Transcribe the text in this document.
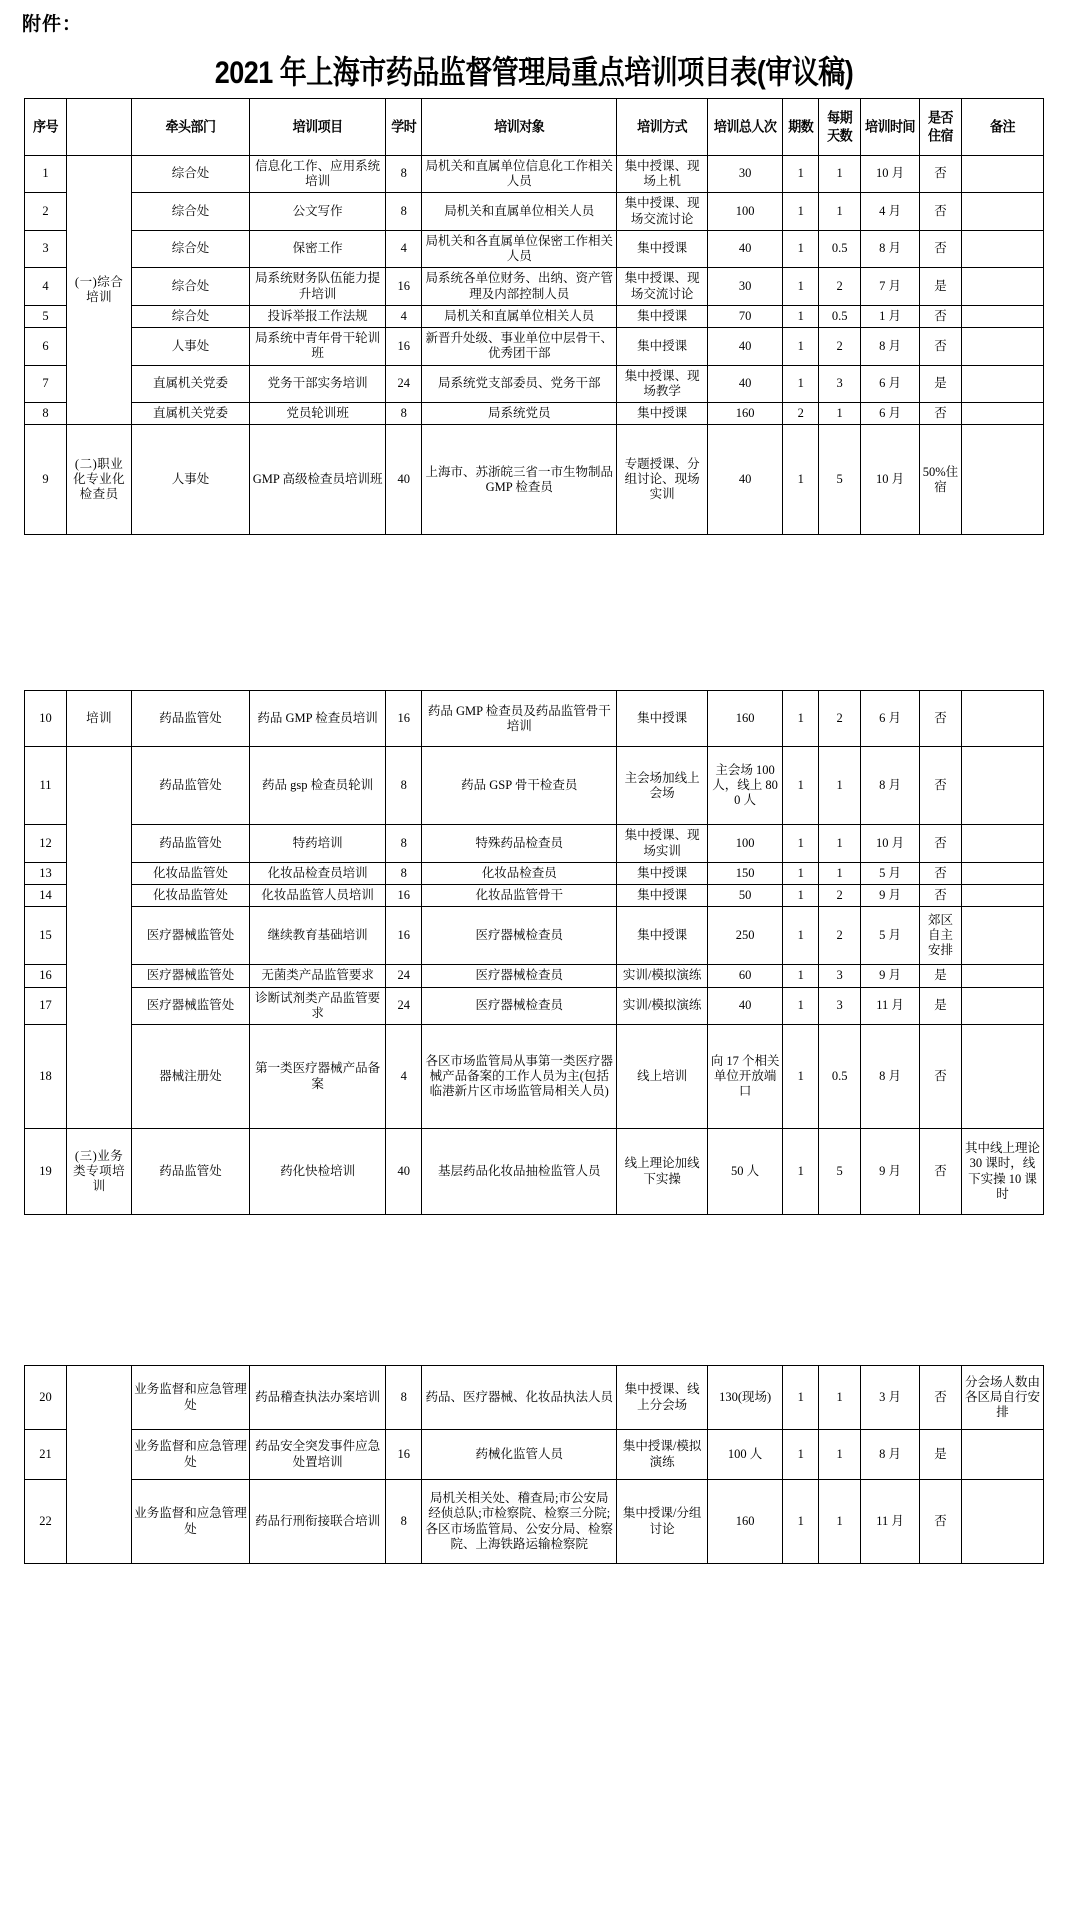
附件：
2021 年上海市药品监督管理局重点培训项目表(审议稿)
序号		牵头部门	培训项目	学时	培训对象	培训方式	培训总人次	期数	每期天数	培训时间	是否住宿	备注
1	(一)综合培训	综合处	信息化工作、应用系统培训	8	局机关和直属单位信息化工作相关人员	集中授课、现场上机	30	1	1	10 月	否	
2		综合处	公文写作	8	局机关和直属单位相关人员	集中授课、现场交流讨论	100	1	1	4 月	否	
3		综合处	保密工作	4	局机关和各直属单位保密工作相关人员	集中授课	40	1	0.5	8 月	否	
4		综合处	局系统财务队伍能力提升培训	16	局系统各单位财务、出纳、资产管理及内部控制人员	集中授课、现场交流讨论	30	1	2	7 月	是	
5		综合处	投诉举报工作法规	4	局机关和直属单位相关人员	集中授课	70	1	0.5	1 月	否	
6		人事处	局系统中青年骨干轮训班	16	新晋升处级、事业单位中层骨干、优秀团干部	集中授课	40	1	2	8 月	否	
7		直属机关党委	党务干部实务培训	24	局系统党支部委员、党务干部	集中授课、现场教学	40	1	3	6 月	是	
8		直属机关党委	党员轮训班	8	局系统党员	集中授课	160	2	1	6 月	否	
9	(二)职业化专业化检查员	人事处	GMP 高级检查员培训班	40	上海市、苏浙皖三省一市生物制品 GMP 检查员	专题授课、分组讨论、现场实训	40	1	5	10 月	50%住宿	
10	培训	药品监管处	药品 GMP 检查员培训	16	药品 GMP 检查员及药品监管骨干培训	集中授课	160	1	2	6 月	否	
11		药品监管处	药品 gsp 检查员轮训	8	药品 GSP 骨干检查员	主会场加线上会场	主会场 100 人，线上 800 人	1	1	8 月	否	
12		药品监管处	特药培训	8	特殊药品检查员	集中授课、现场实训	100	1	1	10 月	否	
13		化妆品监管处	化妆品检查员培训	8	化妆品检查员	集中授课	150	1	1	5 月	否	
14		化妆品监管处	化妆品监管人员培训	16	化妆品监管骨干	集中授课	50	1	2	9 月	否	
15		医疗器械监管处	继续教育基础培训	16	医疗器械检查员	集中授课	250	1	2	5 月	郊区自主安排	
16		医疗器械监管处	无菌类产品监管要求	24	医疗器械检查员	实训/模拟演练	60	1	3	9 月	是	
17		医疗器械监管处	诊断试剂类产品监管要求	24	医疗器械检查员	实训/模拟演练	40	1	3	11 月	是	
18		器械注册处	第一类医疗器械产品备案	4	各区市场监管局从事第一类医疗器械产品备案的工作人员为主(包括临港新片区市场监管局相关人员)	线上培训	向 17 个相关单位开放端口	1	0.5	8 月	否	
19	(三)业务类专项培训	药品监管处	药化快检培训	40	基层药品化妆品抽检监管人员	线上理论加线下实操	50 人	1	5	9 月	否	其中线上理论 30 课时，线下实操 10 课时
20		业务监督和应急管理处	药品稽查执法办案培训	8	药品、医疗器械、化妆品执法人员	集中授课、线上分会场	130(现场)	1	1	3 月	否	分会场人数由各区局自行安排
21		业务监督和应急管理处	药品安全突发事件应急处置培训	16	药械化监管人员	集中授课/模拟演练	100 人	1	1	8 月	是	
22		业务监督和应急管理处	药品行刑衔接联合培训	8	局机关相关处、稽查局;市公安局经侦总队;市检察院、检察三分院;各区市场监管局、公安分局、检察院、上海铁路运输检察院	集中授课/分组讨论	160	1	1	11 月	否	
